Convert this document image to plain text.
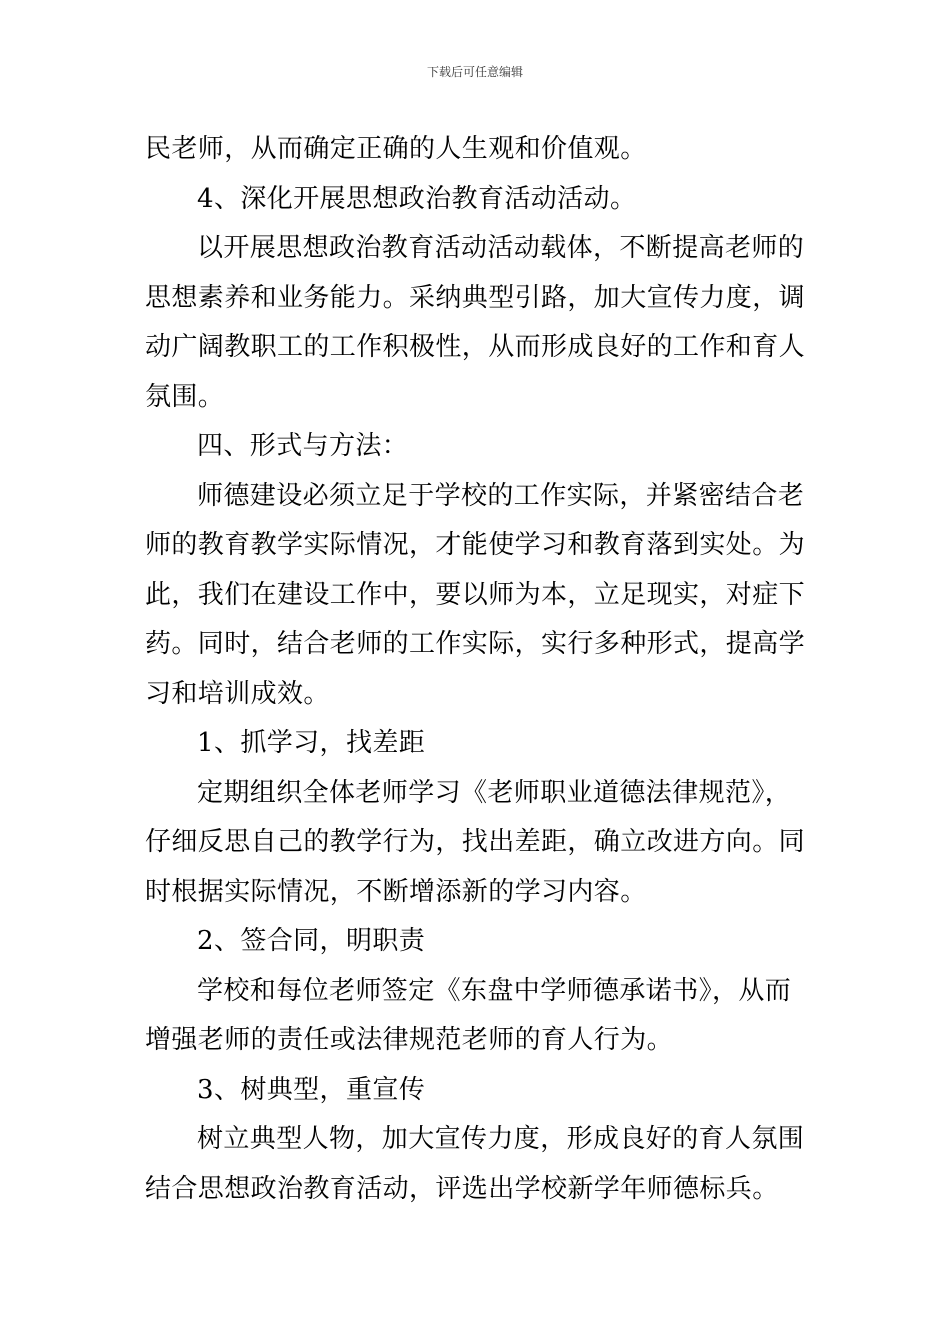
下载后可任意编辑

民老师，从而确定正确的人生观和价值观。

4、深化开展思想政治教育活动活动。

以开展思想政治教育活动活动载体，不断提高老师的

思想素养和业务能力。采纳典型引路，加大宣传力度，调

动广阔教职工的工作积极性，从而形成良好的工作和育人

氛围。

四、形式与方法：

师德建设必须立足于学校的工作实际，并紧密结合老

师的教育教学实际情况，才能使学习和教育落到实处。为

此，我们在建设工作中，要以师为本，立足现实，对症下

药。同时，结合老师的工作实际，实行多种形式，提高学

习和培训成效。

1、抓学习，找差距

定期组织全体老师学习《老师职业道德法律规范》，

仔细反思自己的教学行为，找出差距，确立改进方向。同

时根据实际情况，不断增添新的学习内容。

2、签合同，明职责

学校和每位老师签定《东盘中学师德承诺书》，从而

增强老师的责任或法律规范老师的育人行为。

3、树典型，重宣传

树立典型人物，加大宣传力度，形成良好的育人氛围

结合思想政治教育活动，评选出学校新学年师德标兵。
